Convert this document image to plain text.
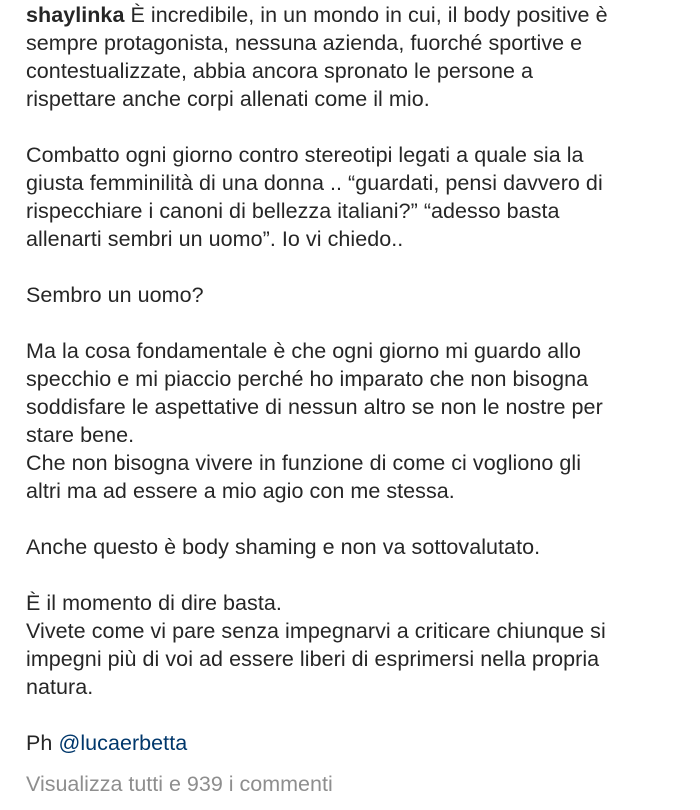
shaylinka È incredibile, in un mondo in cui, il body positive è
sempre protagonista, nessuna azienda, fuorché sportive e
contestualizzate, abbia ancora spronato le persone a
rispettare anche corpi allenati come il mio.

Combatto ogni giorno contro stereotipi legati a quale sia la
giusta femminilità di una donna .. “guardati, pensi davvero di
rispecchiare i canoni di bellezza italiani?” “adesso basta
allenarti sembri un uomo”. Io vi chiedo..

Sembro un uomo?

Ma la cosa fondamentale è che ogni giorno mi guardo allo
specchio e mi piaccio perché ho imparato che non bisogna
soddisfare le aspettative di nessun altro se non le nostre per
stare bene.
Che non bisogna vivere in funzione di come ci vogliono gli
altri ma ad essere a mio agio con me stessa.

Anche questo è body shaming e non va sottovalutato.

È il momento di dire basta.
Vivete come vi pare senza impegnarvi a criticare chiunque si
impegni più di voi ad essere liberi di esprimersi nella propria
natura.

Ph @lucaerbetta

Visualizza tutti e 939 i commenti
